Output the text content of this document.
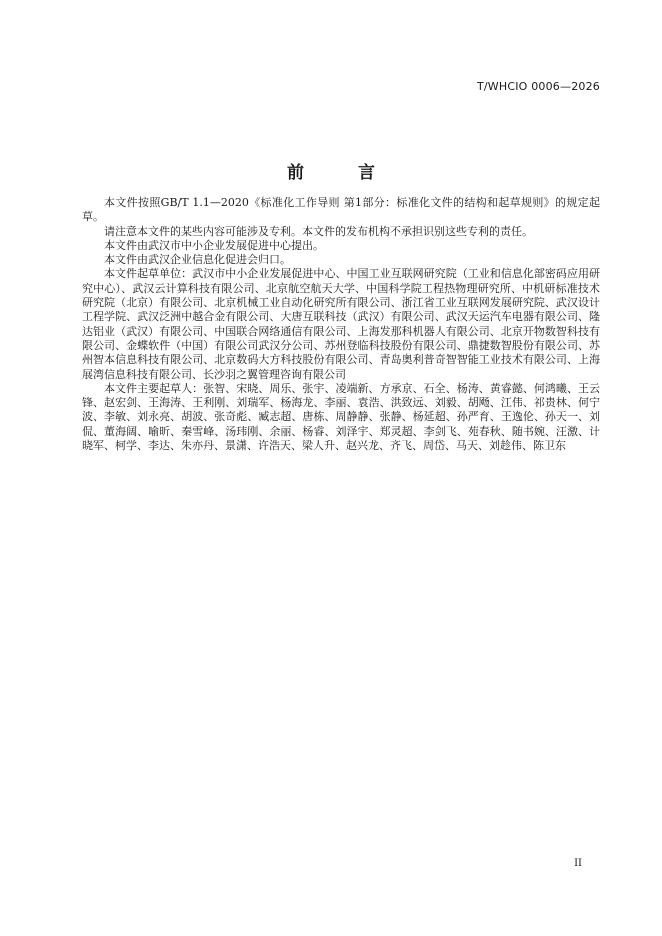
T/WHCIO 0006—2026
前 言

本文件按照GB/T 1.1—2020《标准化工作导则 第1部分：标准化文件的结构和起草规则》的规定起草。

请注意本文件的某些内容可能涉及专利。本文件的发布机构不承担识别这些专利的责任。

本文件由武汉市中小企业发展促进中心提出。

本文件由武汉企业信息化促进会归口。

本文件起草单位：武汉市中小企业发展促进中心、中国工业互联网研究院（工业和信息化部密码应用研究中心）、武汉云计算科技有限公司、北京航空航天大学、中国科学院工程热物理研究所、中机研标准技术研究院（北京）有限公司、北京机械工业自动化研究所有限公司、浙江省工业互联网发展研究院、武汉设计工程学院、武汉泛洲中越合金有限公司、大唐互联科技（武汉）有限公司、武汉天运汽车电器有限公司、隆达铝业（武汉）有限公司、中国联合网络通信有限公司、上海发那科机器人有限公司、北京开物数智科技有限公司、金蝶软件（中国）有限公司武汉分公司、苏州登临科技股份有限公司、鼎捷数智股份有限公司、苏州智本信息科技有限公司、北京数码大方科技股份有限公司、青岛奥利普奇智智能工业技术有限公司、上海展湾信息科技有限公司、长沙羽之翼管理咨询有限公司

本文件主要起草人：张智、宋晓、周乐、张宇、凌端新、方承京、石全、杨涛、黄睿懿、何鸿曦、王云锋、赵宏剑、王海涛、王利刚、刘瑞军、杨海龙、李丽、袁浩、洪致远、刘毅、胡飏、江伟、祁贵林、何宁波、李敏、刘永亮、胡波、张奇彪、臧志超、唐栋、周静静、张静、杨延超、孙严育、王逸伦、孙天一、刘侃、董海阔、喻昕、秦雪峰、汤玮刚、余丽、杨睿、刘泽宇、郑灵超、李剑飞、苑春秋、随书婉、汪激、计晓军、柯学、李达、朱亦丹、景潇、许浩天、梁人升、赵兴龙、齐飞、周岱、马天、刘趁伟、陈卫东

II
